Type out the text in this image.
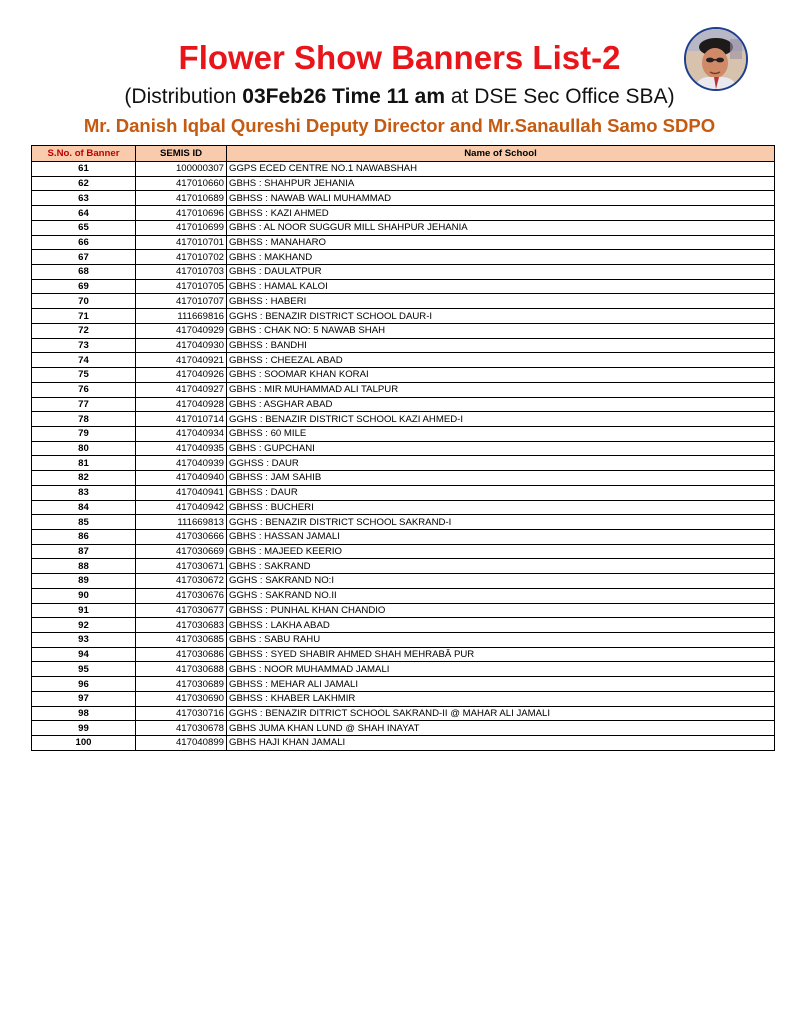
Flower Show Banners List-2
(Distribution 03Feb26 Time 11 am at DSE Sec Office SBA)
Mr. Danish Iqbal Qureshi Deputy Director and Mr.Sanaullah Samo SDPO
S.No. of Banner	SEMIS ID	Name of School
61	100000307	GGPS ECED CENTRE NO.1 NAWABSHAH
62	417010660	GBHS : SHAHPUR JEHANIA
63	417010689	GBHSS : NAWAB WALI MUHAMMAD
64	417010696	GBHSS : KAZI AHMED
65	417010699	GBHS : AL NOOR SUGGUR MILL SHAHPUR JEHANIA
66	417010701	GBHSS : MANAHARO
67	417010702	GBHS : MAKHAND
68	417010703	GBHS : DAULATPUR
69	417010705	GBHS : HAMAL KALOI
70	417010707	GBHSS : HABERI
71	111669816	GGHS : BENAZIR DISTRICT SCHOOL DAUR-I
72	417040929	GBHS : CHAK NO: 5 NAWAB SHAH
73	417040930	GBHSS : BANDHI
74	417040921	GBHSS : CHEEZAL ABAD
75	417040926	GBHS : SOOMAR KHAN KORAI
76	417040927	GBHS : MIR MUHAMMAD ALI TALPUR
77	417040928	GBHS : ASGHAR ABAD
78	417010714	GGHS : BENAZIR DISTRICT SCHOOL KAZI AHMED-I
79	417040934	GBHSS : 60 MILE
80	417040935	GBHS : GUPCHANI
81	417040939	GGHSS : DAUR
82	417040940	GBHSS : JAM SAHIB
83	417040941	GBHSS : DAUR
84	417040942	GBHSS : BUCHERI
85	111669813	GGHS : BENAZIR DISTRICT SCHOOL SAKRAND-I
86	417030666	GBHS : HASSAN JAMALI
87	417030669	GBHS : MAJEED KEERIO
88	417030671	GBHS : SAKRAND
89	417030672	GGHS : SAKRAND NO:I
90	417030676	GGHS : SAKRAND NO.II
91	417030677	GBHSS : PUNHAL KHAN CHANDIO
92	417030683	GBHSS : LAKHA ABAD
93	417030685	GBHS : SABU RAHU
94	417030686	GBHSS : SYED SHABIR AHMED SHAH MEHRABÂ PUR
95	417030688	GBHS : NOOR MUHAMMAD JAMALI
96	417030689	GBHSS : MEHAR ALI JAMALI
97	417030690	GBHSS : KHABER LAKHMIR
98	417030716	GGHS : BENAZIR DITRICT SCHOOL SAKRAND-II @ MAHAR ALI JAMALI
99	417030678	GBHS JUMA KHAN LUND @ SHAH INAYAT
100	417040899	GBHS HAJI KHAN JAMALI
